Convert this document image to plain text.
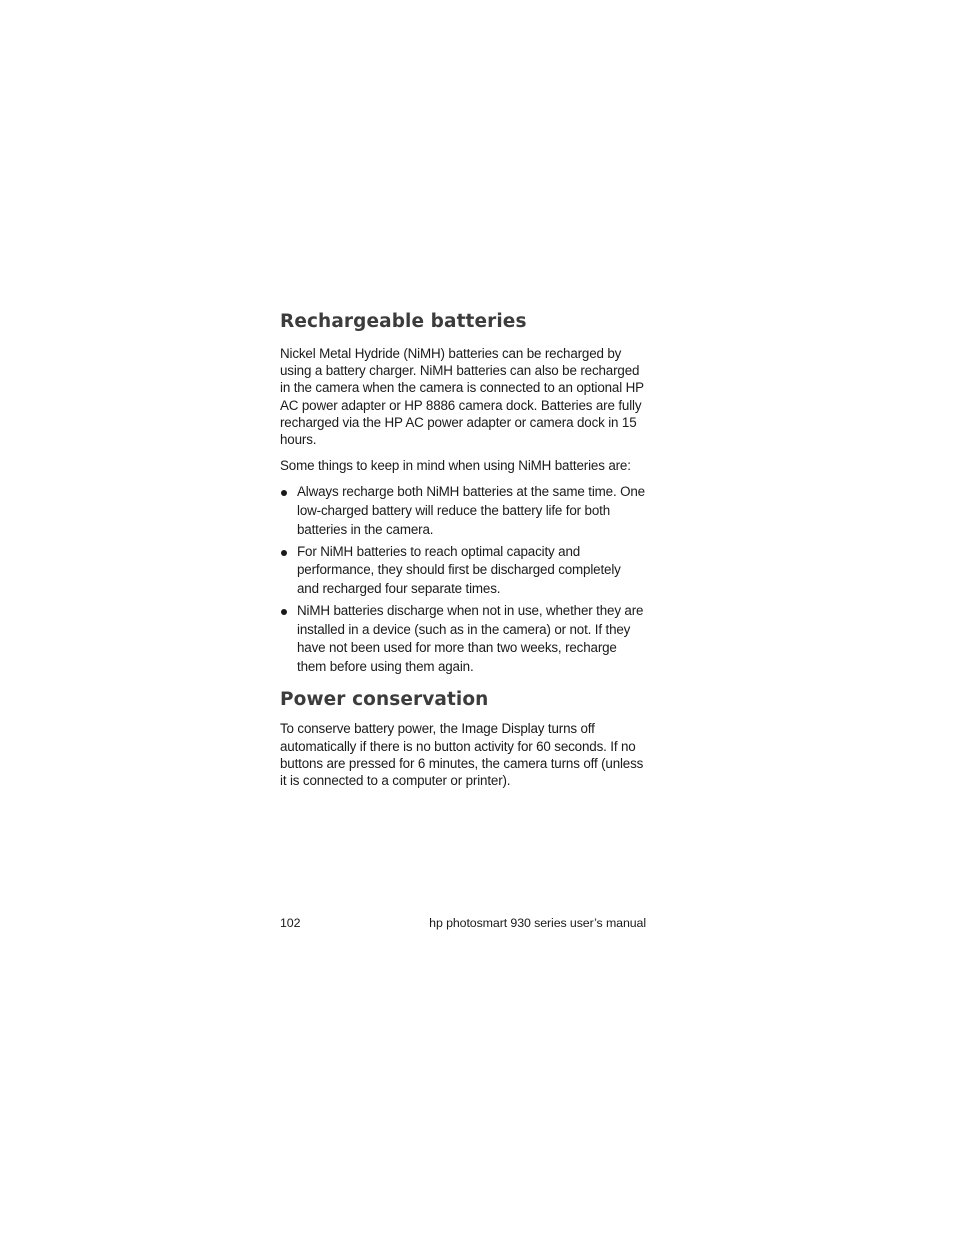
Rechargeable batteries

Nickel Metal Hydride (NiMH) batteries can be recharged by using a battery charger. NiMH batteries can also be recharged in the camera when the camera is connected to an optional HP AC power adapter or HP 8886 camera dock. Batteries are fully recharged via the HP AC power adapter or camera dock in 15 hours.

Some things to keep in mind when using NiMH batteries are:

Always recharge both NiMH batteries at the same time. One low-charged battery will reduce the battery life for both batteries in the camera.
For NiMH batteries to reach optimal capacity and performance, they should first be discharged completely and recharged four separate times.
NiMH batteries discharge when not in use, whether they are installed in a device (such as in the camera) or not. If they have not been used for more than two weeks, recharge them before using them again.
Power conservation

To conserve battery power, the Image Display turns off automatically if there is no button activity for 60 seconds. If no buttons are pressed for 6 minutes, the camera turns off (unless it is connected to a computer or printer).

102	hp photosmart 930 series user’s manual
